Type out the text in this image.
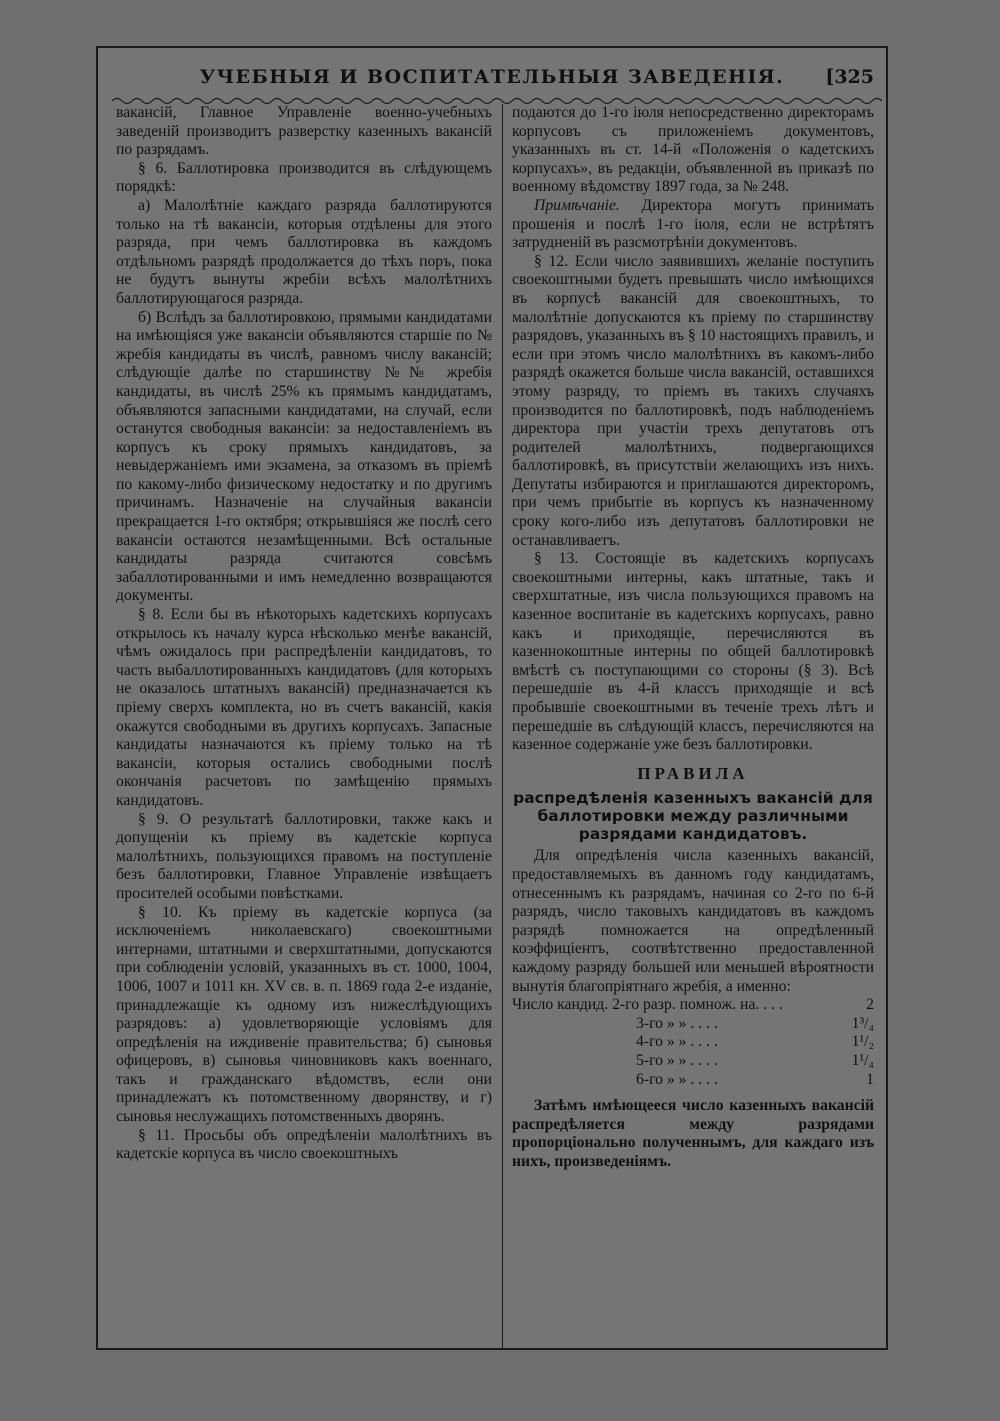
УЧЕБНЫЯ И ВОСПИТАТЕЛЬНЫЯ ЗАВЕДЕНІЯ.	[325

вакансій, Главное Управленіе военно-учебныхъ заведеній производитъ разверстку казенныхъ вакансій по разрядамъ.

§ 6. Баллотировка производится въ слѣдующемъ порядкѣ:

а) Малолѣтніе каждаго разряда баллотируются только на тѣ вакансіи, которыя отдѣлены для этого разряда, при чемъ баллотировка въ каждомъ отдѣльномъ разрядѣ продолжается до тѣхъ поръ, пока не будутъ вынуты жребіи всѣхъ малолѣтнихъ баллотирующагося разряда.

б) Вслѣдъ за баллотировкою, прямыми кандидатами на имѣющіяся уже вакансіи объявляются старшіе по № жребія кандидаты въ числѣ, равномъ числу вакансій; слѣдующіе далѣе по старшинству №№ жребія кандидаты, въ числѣ 25% къ прямымъ кандидатамъ, объявляются запасными кандидатами, на случай, если останутся свободныя вакансіи: за недоставленіемъ въ корпусъ къ сроку прямыхъ кандидатовъ, за невыдержаніемъ ими экзамена, за отказомъ въ пріемѣ по какому-либо физическому недостатку и по другимъ причинамъ. Назначеніе на случайныя вакансіи прекращается 1-го октября; открывшіяся же послѣ сего вакансіи остаются незамѣщенными. Всѣ остальные кандидаты разряда считаются совсѣмъ забаллотированными и имъ немедленно возвращаются документы.

§ 8. Если бы въ нѣкоторыхъ кадетскихъ корпусахъ открылось къ началу курса нѣсколько менѣе вакансій, чѣмъ ожидалось при распредѣленіи кандидатовъ, то часть выбаллотированныхъ кандидатовъ (для которыхъ не оказалось штатныхъ вакансій) предназначается къ пріему сверхъ комплекта, но въ счетъ вакансій, какія окажутся свободными въ другихъ корпусахъ. Запасные кандидаты назначаются къ пріему только на тѣ вакансіи, которыя остались свободными послѣ окончанія расчетовъ по замѣщенію прямыхъ кандидатовъ.

§ 9. О результатѣ баллотировки, также какъ и допущеніи къ пріему въ кадетскіе корпуса малолѣтнихъ, пользующихся правомъ на поступленіе безъ баллотировки, Главное Управленіе извѣщаетъ просителей особыми повѣстками.

§ 10. Къ пріему въ кадетскіе корпуса (за исключеніемъ николаевскаго) своекоштными интернами, штатными и сверхштатными, допускаются при соблюденіи условій, указанныхъ въ ст. 1000, 1004, 1006, 1007 и 1011 кн. XV св. в. п. 1869 года 2-е изданіе, принадлежащіе къ одному изъ нижеслѣдующихъ разрядовъ: а) удовлетворяющіе условіямъ для опредѣленія на иждивеніе правительства; б) сыновья офицеровъ, в) сыновья чиновниковъ какъ военнаго, такъ и гражданскаго вѣдомствъ, если они принадлежатъ къ потомственному дворянству, и г) сыновья неслужащихъ потомственныхъ дворянъ.

§ 11. Просьбы объ опредѣленіи малолѣтнихъ въ кадетскіе корпуса въ число своекоштныхъ

подаются до 1-го іюля непосредственно директорамъ корпусовъ съ приложеніемъ документовъ, указанныхъ въ ст. 14-й «Положенія о кадетскихъ корпусахъ», въ редакціи, объявленной въ приказѣ по военному вѣдомству 1897 года, за № 248.

Примѣчаніе. Директора могутъ принимать прошенія и послѣ 1-го іюля, если не встрѣтятъ затрудненій въ разсмотрѣніи документовъ.

§ 12. Если число заявившихъ желаніе поступить своекоштными будетъ превышать число имѣющихся въ корпусѣ вакансій для своекоштныхъ, то малолѣтніе допускаются къ пріему по старшинству разрядовъ, указанныхъ въ § 10 настоящихъ правилъ, и если при этомъ число малолѣтнихъ въ какомъ-либо разрядѣ окажется больше числа вакансій, оставшихся этому разряду, то пріемъ въ такихъ случаяхъ производится по баллотировкѣ, подъ наблюденіемъ директора при участіи трехъ депутатовъ отъ родителей малолѣтнихъ, подвергающихся баллотировкѣ, въ присутствіи желающихъ изъ нихъ. Депутаты избираются и приглашаются директоромъ, при чемъ прибытіе въ корпусъ къ назначенному сроку кого-либо изъ депутатовъ баллотировки не останавливаетъ.

§ 13. Состоящіе въ кадетскихъ корпусахъ своекоштными интерны, какъ штатные, такъ и сверхштатные, изъ числа пользующихся правомъ на казенное воспитаніе въ кадетскихъ корпусахъ, равно какъ и приходящіе, перечисляются въ казеннокоштные интерны по общей баллотировкѣ вмѣстѣ съ поступающими со стороны (§ 3). Всѣ перешедшіе въ 4-й классъ приходящіе и всѣ пробывшіе своекоштными въ теченіе трехъ лѣтъ и перешедшіе въ слѣдующій классъ, перечисляются на казенное содержаніе уже безъ баллотировки.

ПРАВИЛА
распредѣленія казенныхъ вакансій для баллотировки между различными разрядами кандидатовъ.

Для опредѣленія числа казенныхъ вакансій, предоставляемыхъ въ данномъ году кандидатамъ, отнесеннымъ къ разрядамъ, начиная со 2-го по 6-й разрядъ, число таковыхъ кандидатовъ въ каждомъ разрядѣ помножается на опредѣленный коэффиціентъ, соотвѣтственно предоставленной каждому разряду большей или меньшей вѣроятности вынутія благопріятнаго жребія, а именно:

Число кандид. 2-го разр. помнож. на. . . .	2
3-го » » . . . .	1³/₄
4-го » » . . . .	1¹/₂
5-го » » . . . .	1¹/₄
6-го » » . . . .	1

Затѣмъ имѣющееся число казенныхъ вакансій распредѣляется между разрядами пропорціонально полученнымъ, для каждаго изъ нихъ, произведеніямъ.
